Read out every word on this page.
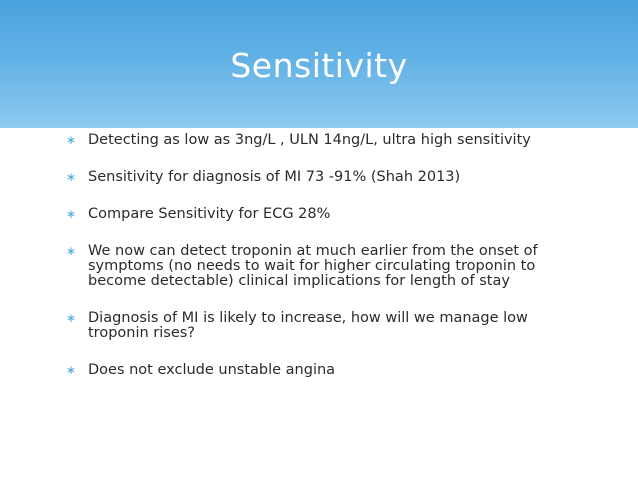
Sensitivity
∗ Detecting as low as 3ng/L , ULN 14ng/L, ultra high sensitivity
∗ Sensitivity for diagnosis of MI 73 -91% (Shah 2013)
∗ Compare Sensitivity for ECG 28%
∗ We now can detect troponin at much earlier from the onset of symptoms (no needs to wait for higher circulating troponin to become detectable) clinical implications for length of stay
∗ Diagnosis of MI is likely to increase, how will we manage low troponin rises?
∗ Does not exclude unstable angina
